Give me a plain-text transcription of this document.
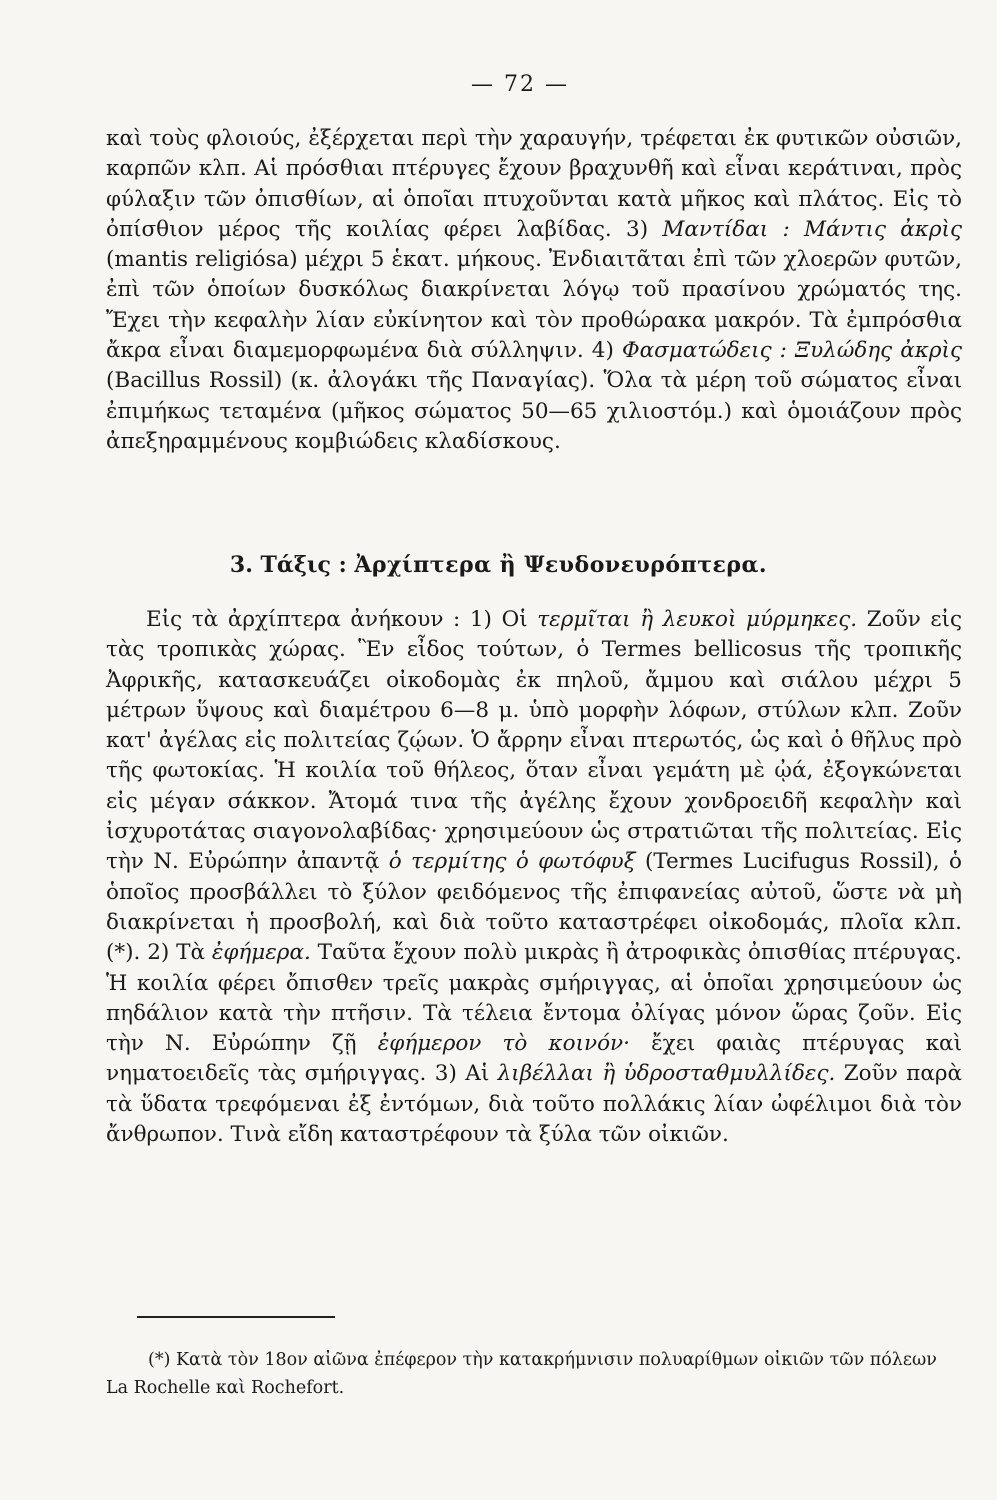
— 72 —

καὶ τοὺς φλοιούς, ἐξέρχεται περὶ τὴν χαραυγήν, τρέφεται ἐκ φυτικῶν οὐσιῶν, καρπῶν κλπ. Αἱ πρόσθιαι πτέρυγες ἔχουν βραχυνθῆ καὶ εἶναι κεράτιναι, πρὸς φύλαξιν τῶν ὀπισθίων, αἱ ὁποῖαι πτυχοῦνται κατὰ μῆκος καὶ πλάτος. Εἰς τὸ ὀπίσθιον μέρος τῆς κοιλίας φέρει λαβίδας. 3) Μαντίδαι : Μάντις ἀκρὶς (mantis religiósa) μέχρι 5 ἑκατ. μήκους. Ἐνδιαιτᾶται ἐπὶ τῶν χλοερῶν φυτῶν, ἐπὶ τῶν ὁποίων δυσκόλως διακρίνεται λόγῳ τοῦ πρασίνου χρώματός της. Ἔχει τὴν κεφαλὴν λίαν εὐκίνητον καὶ τὸν προθώρακα μακρόν. Τὰ ἐμπρόσθια ἄκρα εἶναι διαμεμορφωμένα διὰ σύλληψιν. 4) Φασματώδεις : Ξυλώδης ἀκρὶς (Bacillus Rossil) (κ. ἀλογάκι τῆς Παναγίας). Ὅλα τὰ μέρη τοῦ σώματος εἶναι ἐπιμήκως τεταμένα (μῆκος σώματος 50—65 χιλιοστόμ.) καὶ ὁμοιάζουν πρὸς ἀπεξηραμμένους κομβιώδεις κλαδίσκους.

3. Τάξις : Ἀρχίπτερα ἢ Ψευδονευρόπτερα.

Εἰς τὰ ἀρχίπτερα ἀνήκουν : 1) Οἱ τερμῖται ἢ λευκοὶ μύρμηκες. Ζοῦν εἰς τὰς τροπικὰς χώρας. Ἓν εἶδος τούτων, ὁ Termes bellicosus τῆς τροπικῆς Ἀφρικῆς, κατασκευάζει οἰκοδομὰς ἐκ πηλοῦ, ἄμμου καὶ σιάλου μέχρι 5 μέτρων ὕψους καὶ διαμέτρου 6—8 μ. ὑπὸ μορφὴν λόφων, στύλων κλπ. Ζοῦν κατ' ἀγέλας εἰς πολιτείας ζῴων. Ὁ ἄρρην εἶναι πτερωτός, ὡς καὶ ὁ θῆλυς πρὸ τῆς φωτοκίας. Ἡ κοιλία τοῦ θήλεος, ὅταν εἶναι γεμάτη μὲ ᾠά, ἐξογκώνεται εἰς μέγαν σάκκον. Ἄτομά τινα τῆς ἀγέλης ἔχουν χονδροειδῆ κεφαλὴν καὶ ἰσχυροτάτας σιαγονολαβίδας· χρησιμεύουν ὡς στρατιῶται τῆς πολιτείας. Εἰς τὴν Ν. Εὐρώπην ἀπαντᾷ ὁ τερμίτης ὁ φωτόφυξ (Termes Lucifugus Rossil), ὁ ὁποῖος προσβάλλει τὸ ξύλον φειδόμενος τῆς ἐπιφανείας αὐτοῦ, ὥστε νὰ μὴ διακρίνεται ἡ προσβολή, καὶ διὰ τοῦτο καταστρέφει οἰκοδομάς, πλοῖα κλπ.(*). 2) Τὰ ἐφήμερα. Ταῦτα ἔχουν πολὺ μικρὰς ἢ ἀτροφικὰς ὀπισθίας πτέρυγας. Ἡ κοιλία φέρει ὄπισθεν τρεῖς μακρὰς σμήριγγας, αἱ ὁποῖαι χρησιμεύουν ὡς πηδάλιον κατὰ τὴν πτῆσιν. Τὰ τέλεια ἔντομα ὀλίγας μόνον ὥρας ζοῦν. Εἰς τὴν Ν. Εὐρώπην ζῇ ἐφήμερον τὸ κοινόν· ἔχει φαιὰς πτέρυγας καὶ νηματοειδεῖς τὰς σμήριγγας. 3) Αἱ λιβέλλαι ἢ ὑδροσταθμυλλίδες. Ζοῦν παρὰ τὰ ὕδατα τρεφόμεναι ἐξ ἐντόμων, διὰ τοῦτο πολλάκις λίαν ὠφέλιμοι διὰ τὸν ἄνθρωπον. Τινὰ εἴδη καταστρέφουν τὰ ξύλα τῶν οἰκιῶν.

(*) Κατὰ τὸν 18ον αἰῶνα ἐπέφερον τὴν κατακρήμνισιν πολυαρίθμων οἰκιῶν τῶν πόλεων La Rochelle καὶ Rochefort.
